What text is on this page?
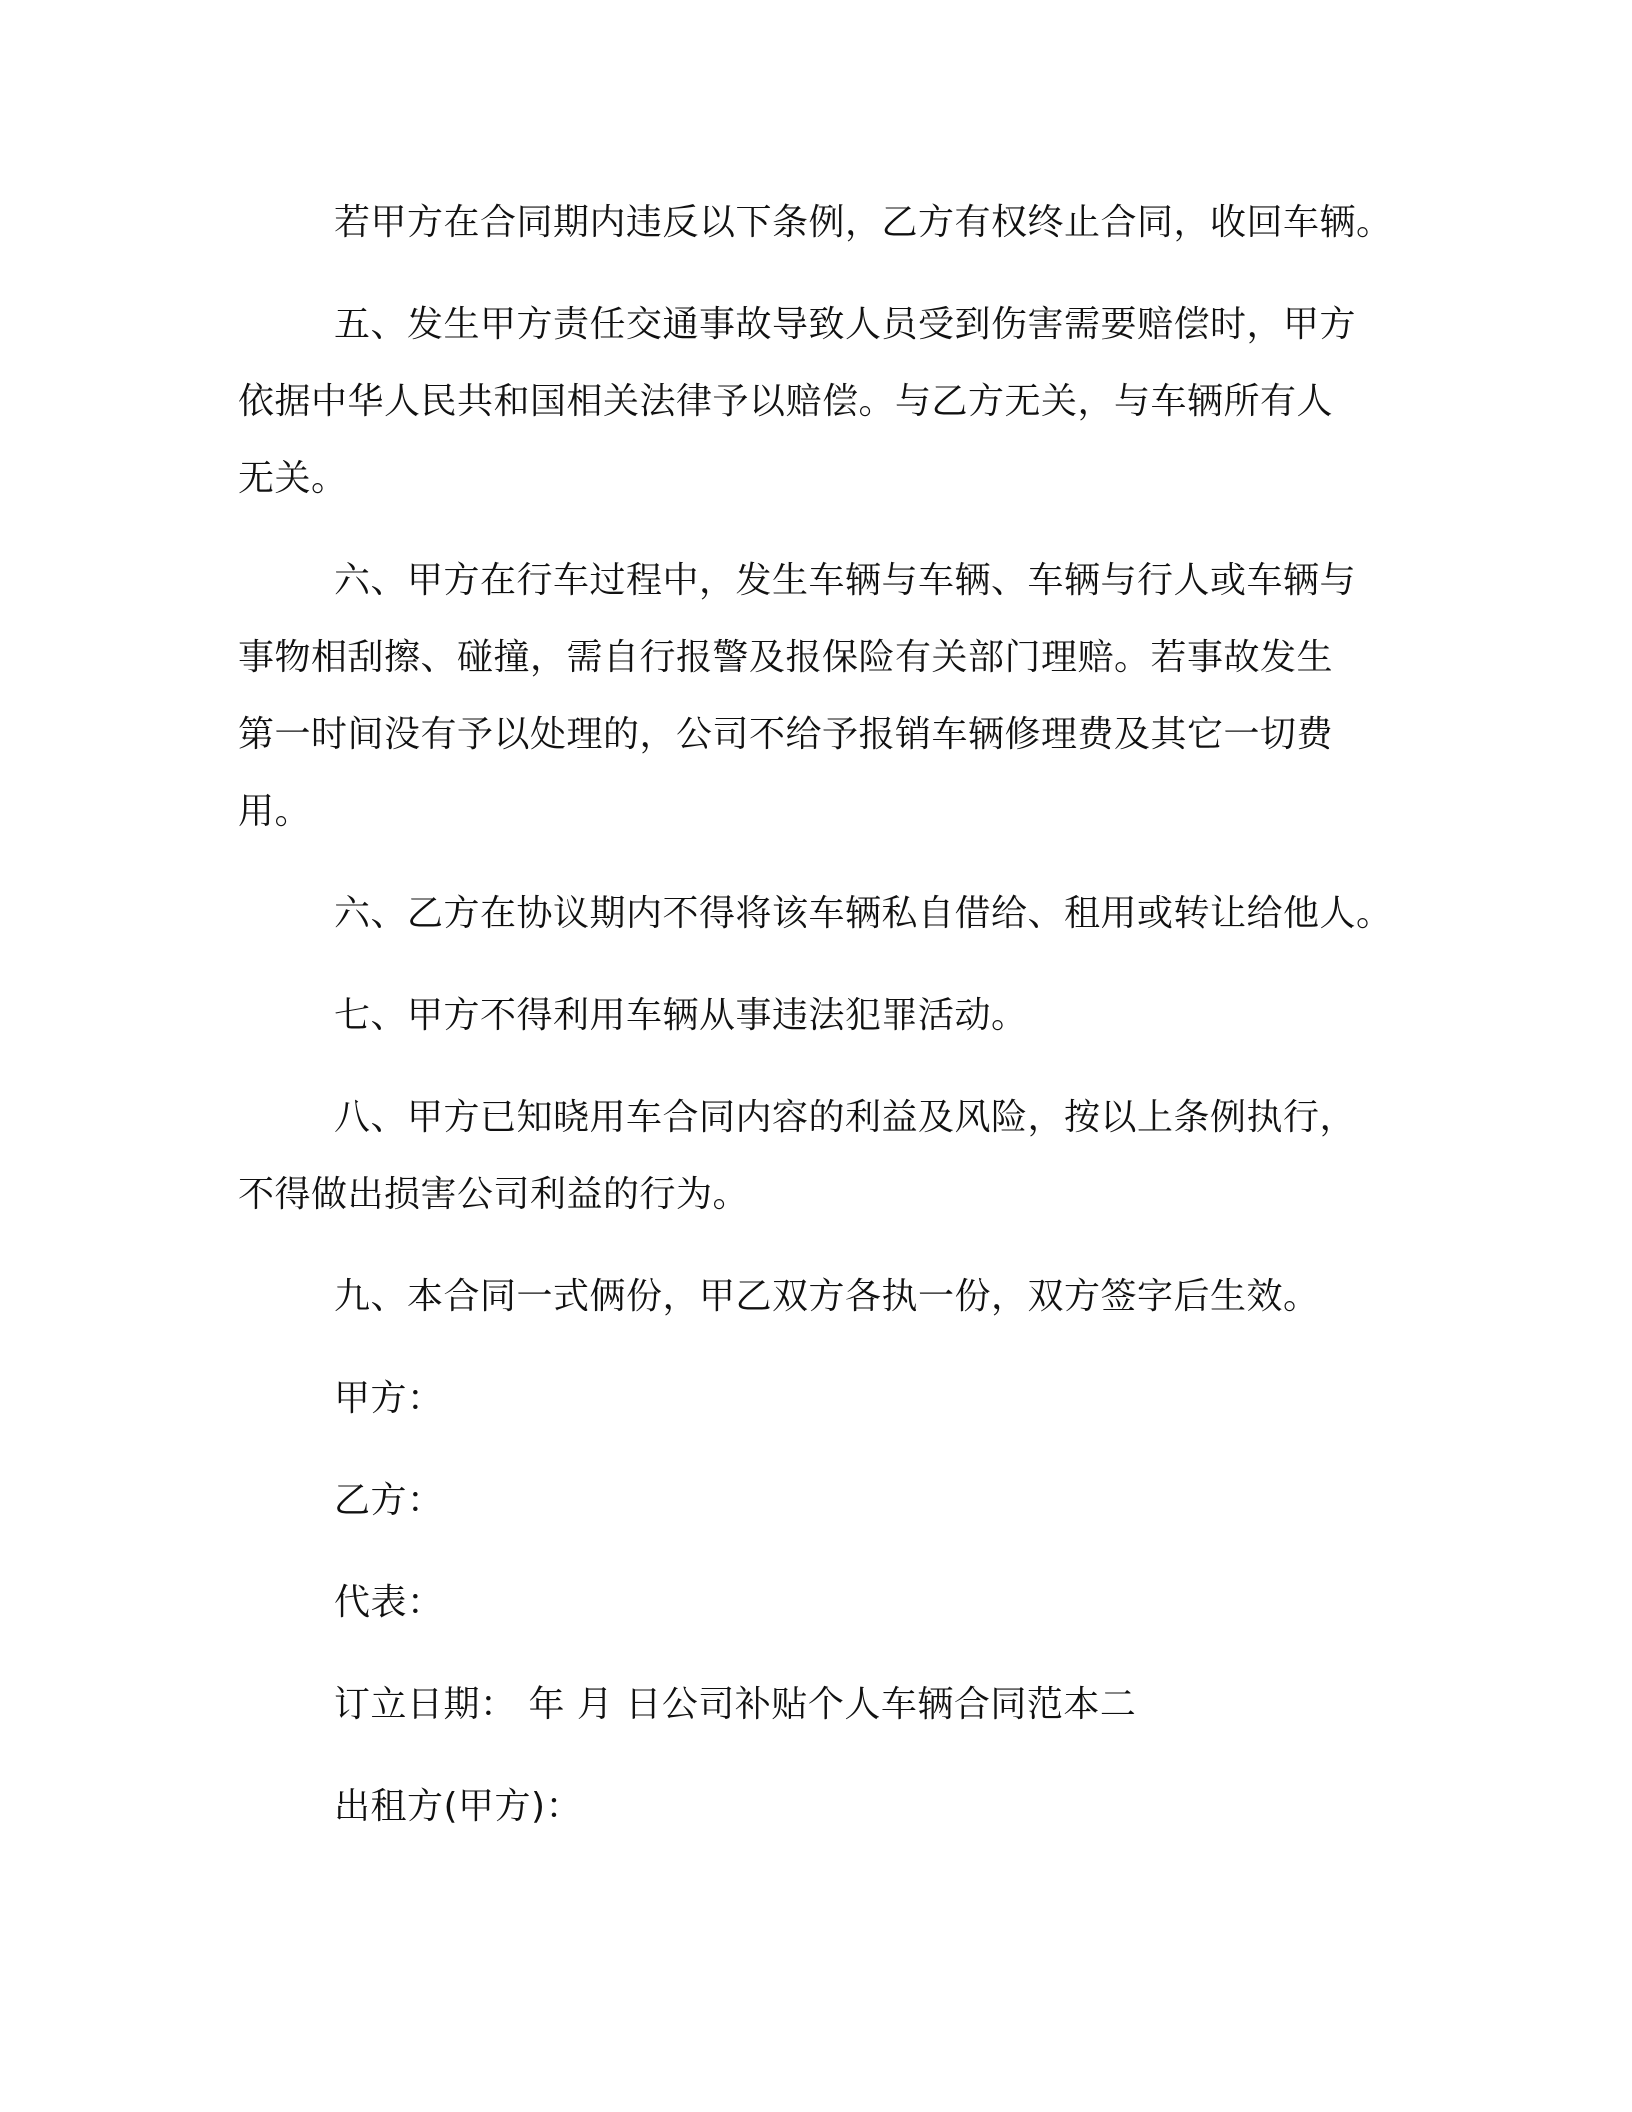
若甲方在合同期内违反以下条例，乙方有权终止合同，收回车辆。

五、发生甲方责任交通事故导致人员受到伤害需要赔偿时，甲方
依据中华人民共和国相关法律予以赔偿。与乙方无关，与车辆所有人
无关。

六、甲方在行车过程中，发生车辆与车辆、车辆与行人或车辆与
事物相刮擦、碰撞，需自行报警及报保险有关部门理赔。若事故发生
第一时间没有予以处理的，公司不给予报销车辆修理费及其它一切费
用。

六、乙方在协议期内不得将该车辆私自借给、租用或转让给他人。

七、甲方不得利用车辆从事违法犯罪活动。

八、甲方已知晓用车合同内容的利益及风险，按以上条例执行，
不得做出损害公司利益的行为。

九、本合同一式俩份，甲乙双方各执一份，双方签字后生效。

甲方：
乙方：
代表：
订立日期： 年 月 日公司补贴个人车辆合同范本二
出租方(甲方)：
